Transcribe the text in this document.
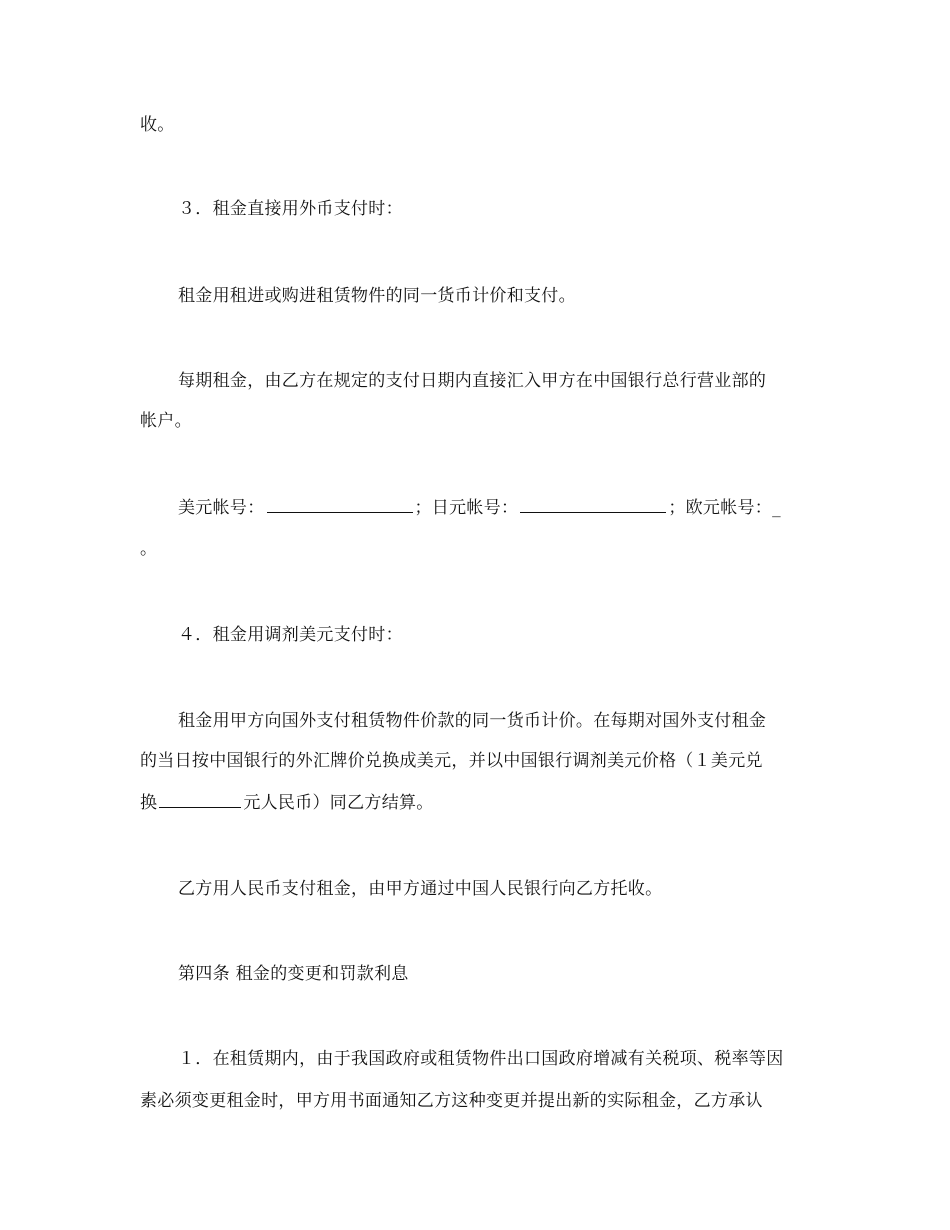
收。
３．租金直接用外币支付时：
租金用租进或购进租赁物件的同一货币计价和支付。
每期租金，由乙方在规定的支付日期内直接汇入甲方在中国银行总行营业部的
帐户。
美元帐号：	；日元帐号：	；欧元帐号：_
。
４．租金用调剂美元支付时：
租金用甲方向国外支付租赁物件价款的同一货币计价。在每期对国外支付租金
的当日按中国银行的外汇牌价兑换成美元，并以中国银行调剂美元价格（１美元兑
换	元人民币）同乙方结算。
乙方用人民币支付租金，由甲方通过中国人民银行向乙方托收。
第四条 租金的变更和罚款利息
１．在租赁期内，由于我国政府或租赁物件出口国政府增减有关税项、税率等因
素必须变更租金时，甲方用书面通知乙方这种变更并提出新的实际租金，乙方承认
